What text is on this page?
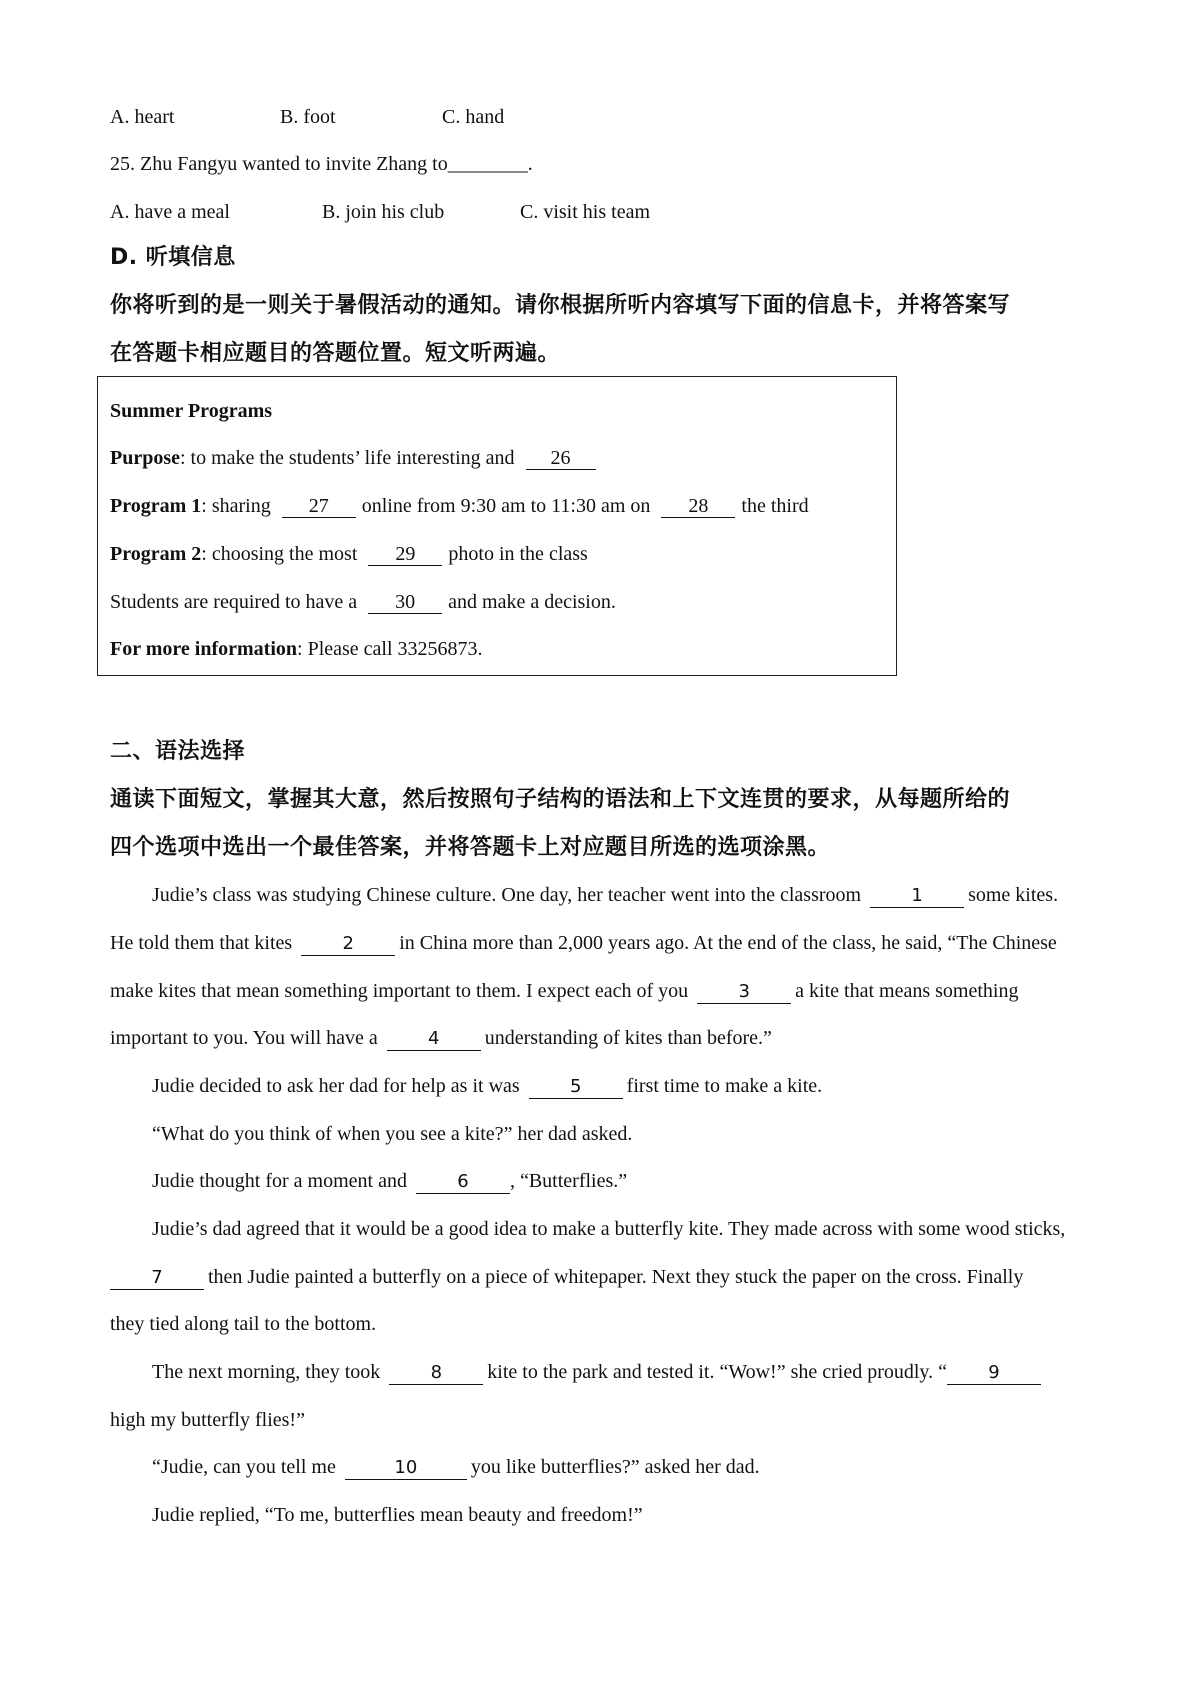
A. heart	B. foot	C. hand
25. Zhu Fangyu wanted to invite Zhang to________.
A. have a meal	B. join his club	C. visit his team
D. 听填信息
你将听到的是一则关于暑假活动的通知。请你根据所听内容填写下面的信息卡，并将答案写
在答题卡相应题目的答题位置。短文听两遍。
Summer Programs
Purpose: to make the students’ life interesting and 26
Program 1: sharing 27 online from 9:30 am to 11:30 am on 28 the third
Program 2: choosing the most 29 photo in the class
Students are required to have a 30 and make a decision.
For more information: Please call 33256873.
二、语法选择
通读下面短文，掌握其大意，然后按照句子结构的语法和上下文连贯的要求，从每题所给的
四个选项中选出一个最佳答案，并将答题卡上对应题目所选的选项涂黑。
Judie’s class was studying Chinese culture. One day, her teacher went into the classroom	1 some kites.
He told them that kites	2 in China more than 2,000 years ago. At the end of the class, he said, “The Chinese
make kites that mean something important to them. I expect each of you	3 a kite that means something
important to you. You will have a	4 understanding of kites than before.”
Judie decided to ask her dad for help as it was	5 first time to make a kite.
“What do you think of when you see a kite?” her dad asked.
Judie thought for a moment and	6 , “Butterflies.”
Judie’s dad agreed that it would be a good idea to make a butterfly kite. They made across with some wood sticks,
7 then Judie painted a butterfly on a piece of whitepaper. Next they stuck the paper on the cross. Finally
they tied along tail to the bottom.
The next morning, they took	8 kite to the park and tested it. “Wow!” she cried proudly. “ 9
high my butterfly flies!”
“Judie, can you tell me	10	you like butterflies?” asked her dad.
Judie replied, “To me, butterflies mean beauty and freedom!”
